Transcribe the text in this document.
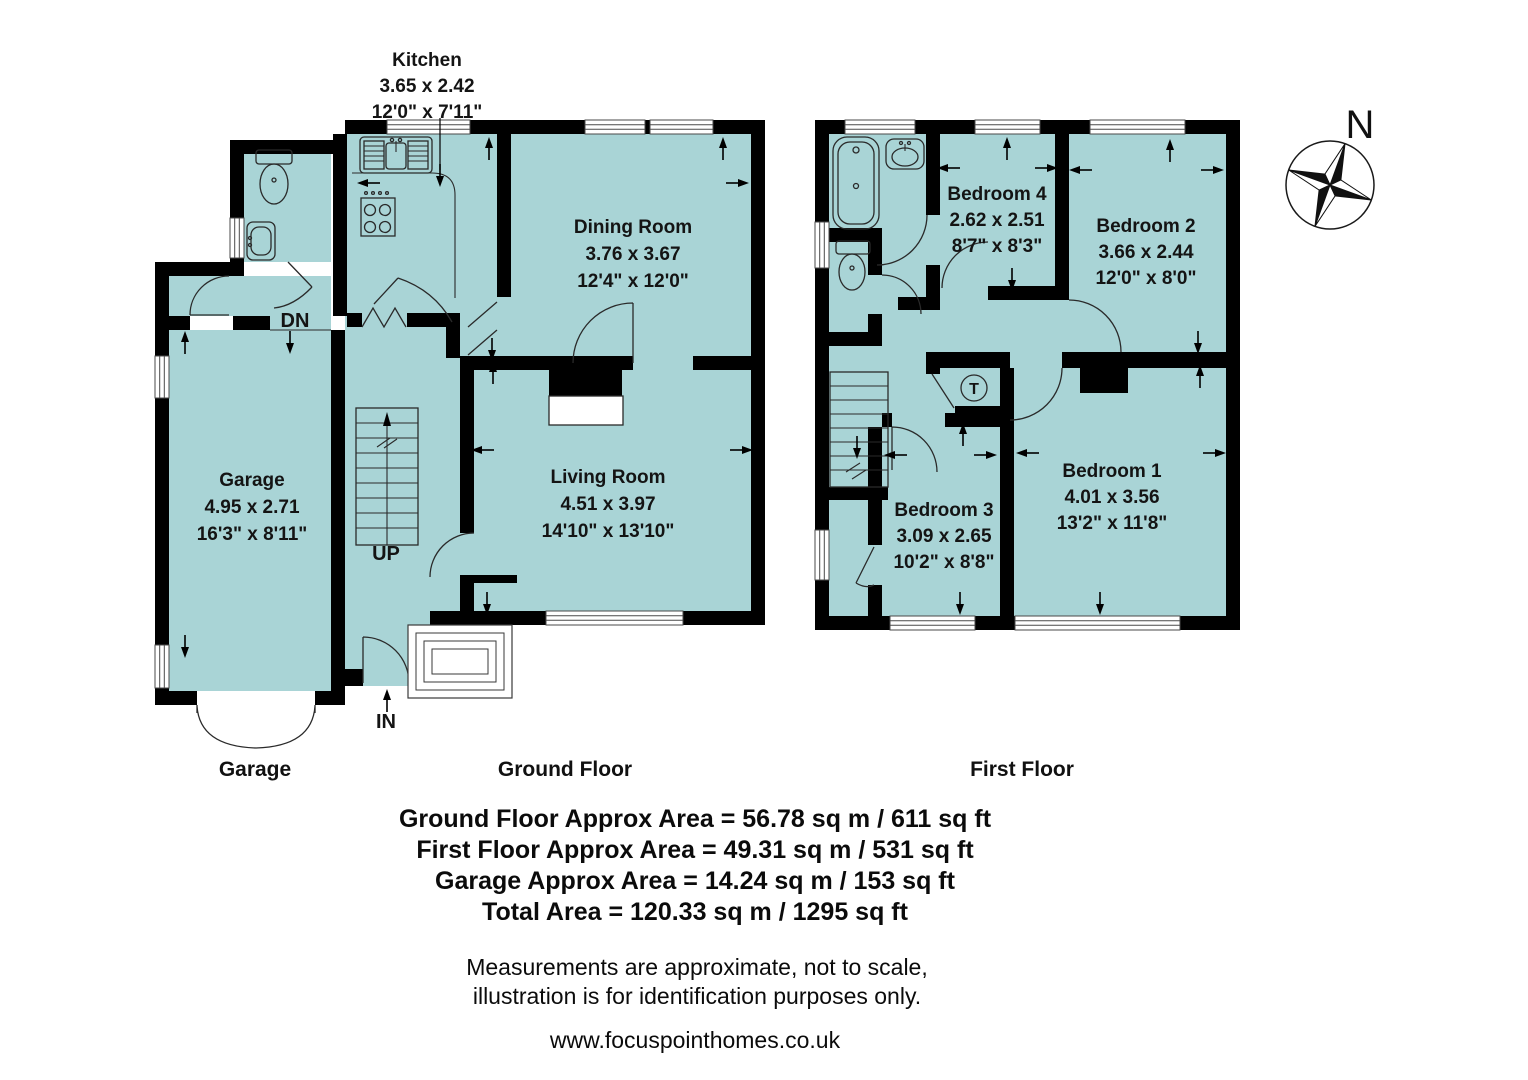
Kitchen
3.65 x 2.42
12'0" x 7'11"
Dining Room
3.76 x 3.67
12'4" x 12'0"
Living Room
4.51 x 3.97
14'10" x 13'10"
Garage
4.95 x 2.71
16'3" x 8'11"
UP
DN
IN
T
Bedroom 4
2.62 x 2.51
8'7" x 8'3"
Bedroom 2
3.66 x 2.44
12'0" x 8'0"
Bedroom 3
3.09 x 2.65
10'2" x 8'8"
Bedroom 1
4.01 x 3.56
13'2" x 11'8"
N
Garage	Ground Floor	First Floor
Ground Floor Approx Area = 56.78 sq m / 611 sq ft
First Floor Approx Area = 49.31 sq m / 531 sq ft
Garage Approx Area = 14.24 sq m / 153 sq ft
Total Area = 120.33 sq m / 1295 sq ft
Measurements are approximate, not to scale,
illustration is for identification purposes only.
www.focuspointhomes.co.uk
